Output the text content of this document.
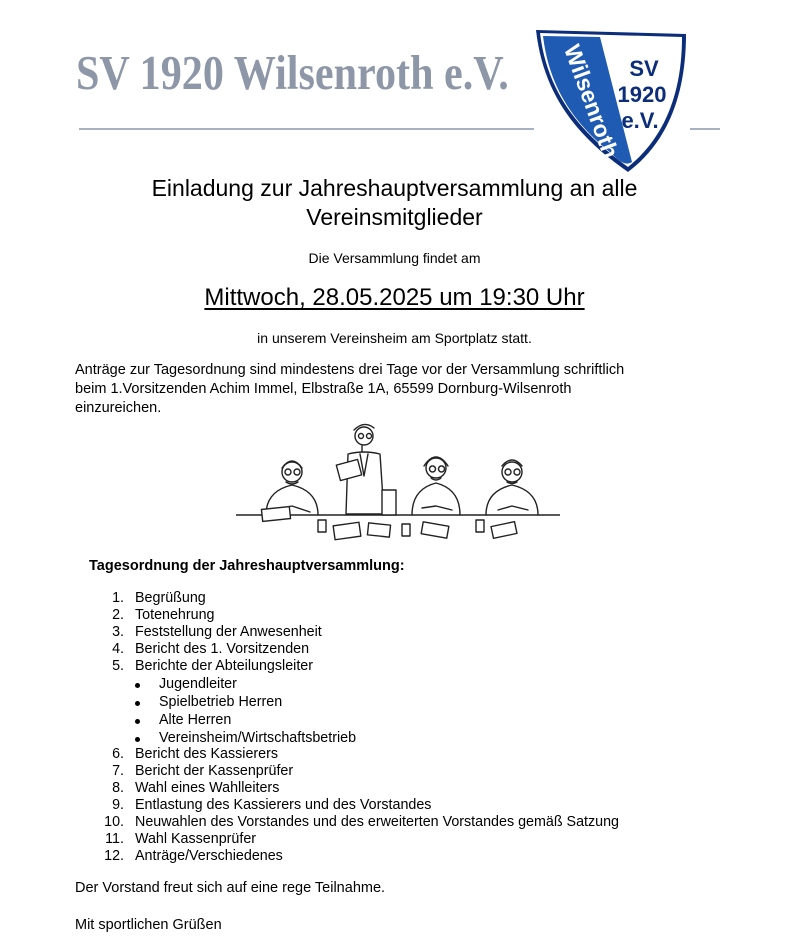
SV 1920 Wilsenroth e.V.	SV
1920
e.V.
Wilsenroth
Einladung zur Jahreshauptversammlung an alle
Vereinsmitglieder
Die Versammlung findet am
Mittwoch, 28.05.2025 um 19:30 Uhr
in unserem Vereinsheim am Sportplatz statt.
Anträge zur Tagesordnung sind mindestens drei Tage vor der Versammlung schriftlich
beim 1.Vorsitzenden Achim Immel, Elbstraße 1A, 65599 Dornburg-Wilsenroth
einzureichen.
Tagesordnung der Jahreshauptversammlung:
1. Begrüßung
2. Totenehrung
3. Feststellung der Anwesenheit
4. Bericht des 1. Vorsitzenden
5. Berichte der Abteilungsleiter
Jugendleiter
Spielbetrieb Herren
Alte Herren
Vereinsheim/Wirtschaftsbetrieb
6. Bericht des Kassierers
7. Bericht der Kassenprüfer
8. Wahl eines Wahlleiters
9. Entlastung des Kassierers und des Vorstandes
10. Neuwahlen des Vorstandes und des erweiterten Vorstandes gemäß Satzung
11. Wahl Kassenprüfer
12. Anträge/Verschiedenes
Der Vorstand freut sich auf eine rege Teilnahme.
Mit sportlichen Grüßen
